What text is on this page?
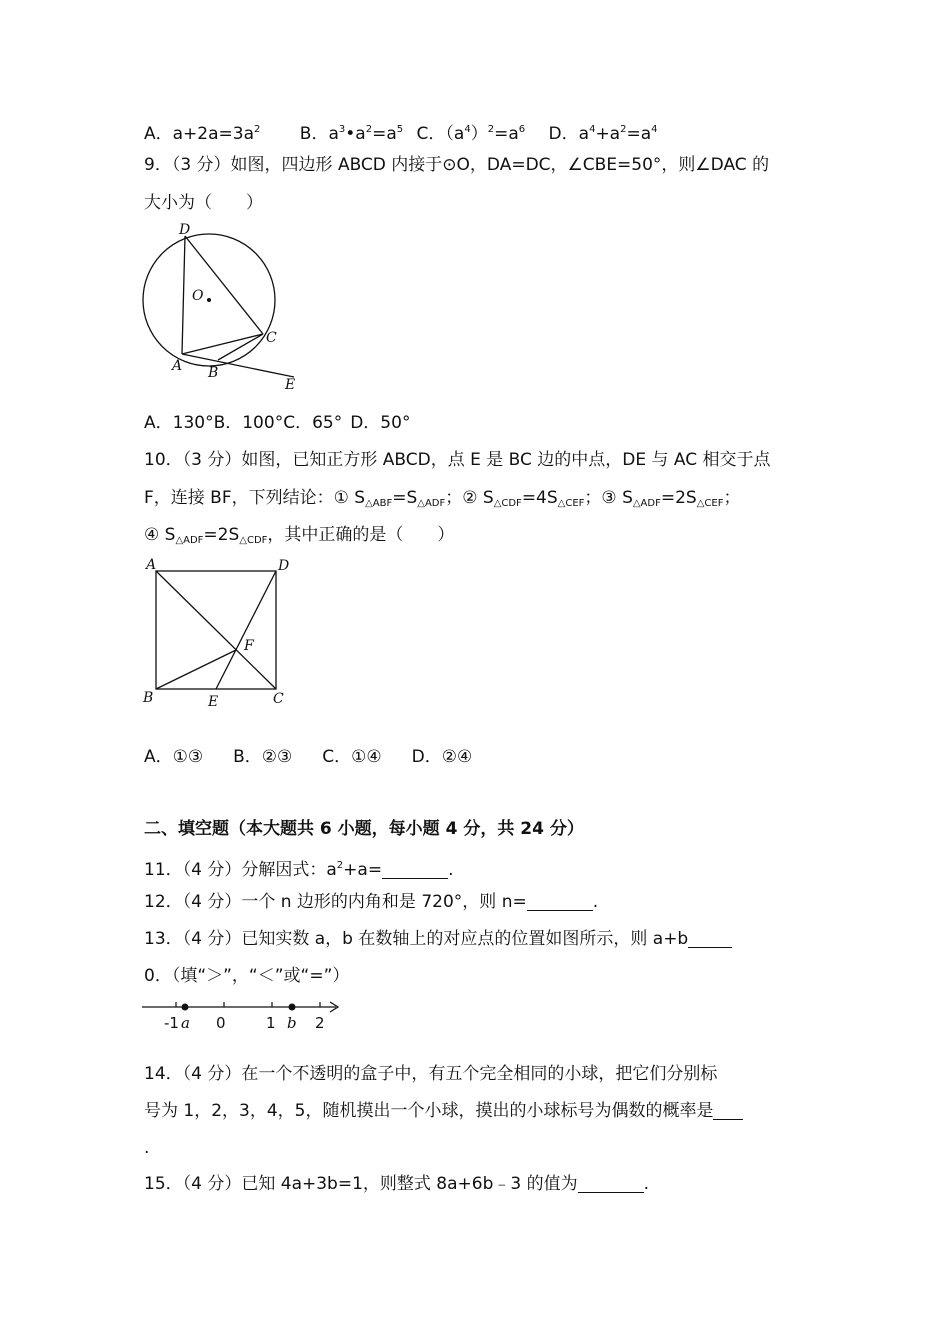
A．$a+2a=3a^2$ B．$a^3•a^2=a^5$ C．$(a^4)^2=a^6$ D．$a^4+a^2=a^4$
9．（3 分）如图，四边形 ABCD 内接于⊙O，DA=DC，∠CBE=50°，则∠DAC 的
大小为（　　）
D
O
C
A B
E
A．130°B．100°C．65° D．50°
10．（3 分）如图，已知正方形 ABCD，点 E 是 BC 边的中点，DE 与 AC 相交于点
F，连接 BF，下列结论：① $S_{\triangle ABF}=S_{\triangle ADF}$；② $S_{\triangle CDF}=4S_{\triangle CEF}$；③ $S_{\triangle ADF}=2S_{\triangle CEF}$；
④ $S_{\triangle ADF}=2S_{\triangle CDF}$，其中正确的是（　　）
A	D
F
B	E	C
A．①③ B．②③ C．①④ D．②④
二、填空题（本大题共 6 小题，每小题 4 分，共 24 分）
11．（4 分）分解因式：$a^2+a=$	.
12．（4 分）一个 n 边形的内角和是 720°，则 n=	.
13．（4 分）已知实数 a，b 在数轴上的对应点的位置如图所示，则 a+b
0．（填“＞”，“＜”或“=”）
-1 a 0	1 b 2
14．（4 分）在一个不透明的盒子中，有五个完全相同的小球，把它们分别标
号为 1，2，3，4，5，随机摸出一个小球，摸出的小球标号为偶数的概率是
.
15．（4 分）已知 4a+3b=1，则整式 8a+6b﹣3 的值为	.
